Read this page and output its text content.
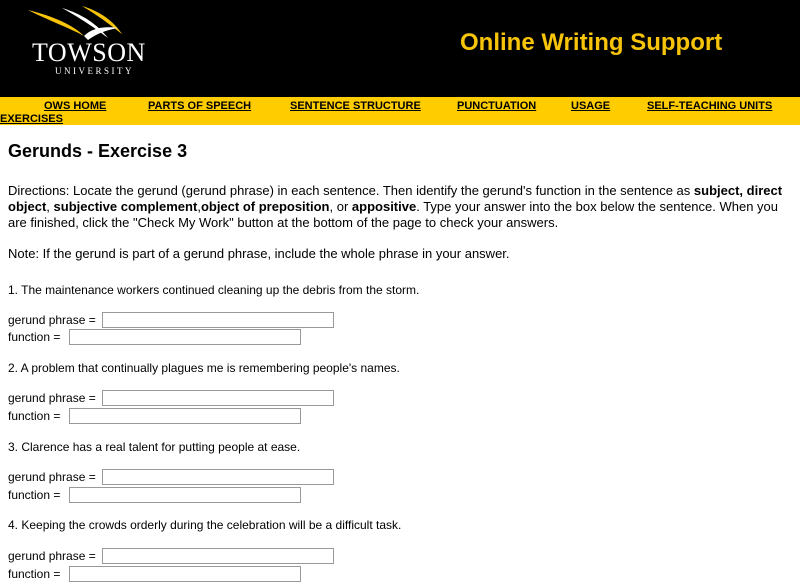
TOWSON
UNIVERSITY
Online Writing Support
OWS HOME	PARTS OF SPEECH	SENTENCE STRUCTURE	PUNCTUATION	USAGE	SELF-TEACHING UNITS
EXERCISES
Gerunds - Exercise 3
Directions: Locate the gerund (gerund phrase) in each sentence. Then identify the gerund's function in the sentence as subject, direct object, subjective complement,object of preposition, or appositive. Type your answer into the box below the sentence. When you are finished, click the "Check My Work" button at the bottom of the page to check your answers.
Note: If the gerund is part of a gerund phrase, include the whole phrase in your answer.
1. The maintenance workers continued cleaning up the debris from the storm.
gerund phrase =
function =
2. A problem that continually plagues me is remembering people's names.
gerund phrase =
function =
3. Clarence has a real talent for putting people at ease.
gerund phrase =
function =
4. Keeping the crowds orderly during the celebration will be a difficult task.
gerund phrase =
function =
